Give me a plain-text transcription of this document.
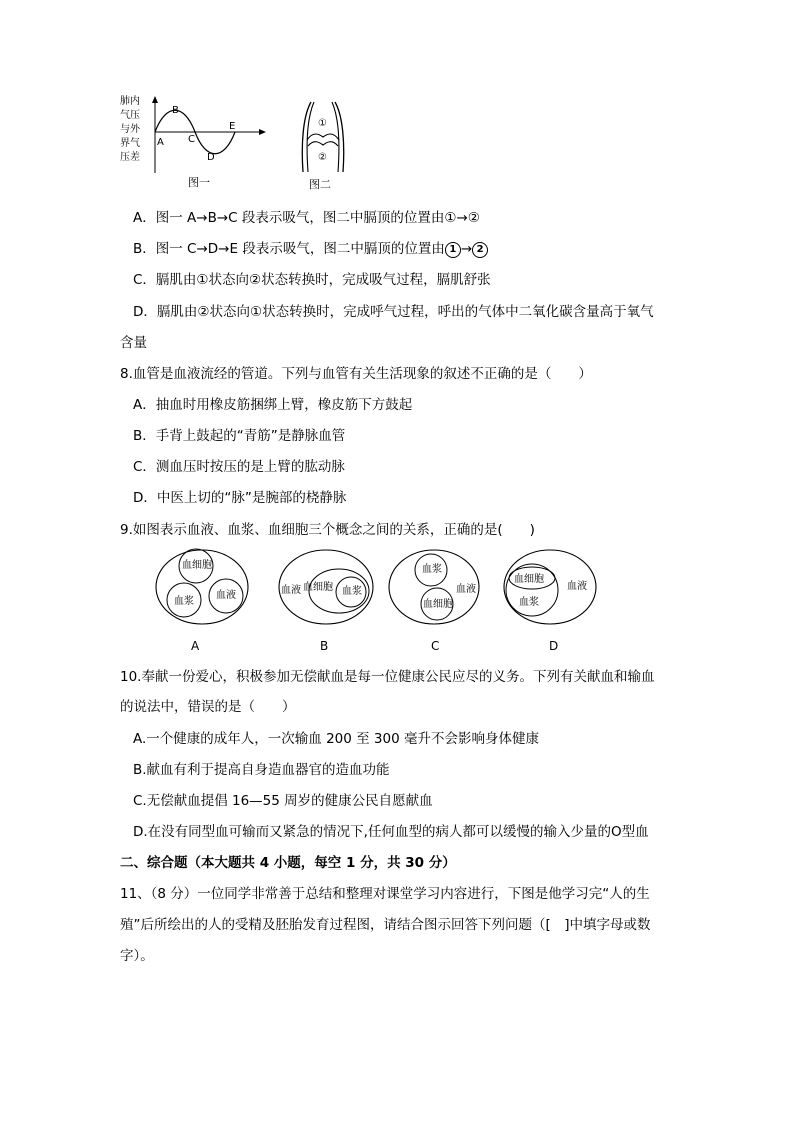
肺内
气压
与外
界气
压差
A
B
C
D
E
图一
①
②
图二
A．图一 A→B→C 段表示吸气，图二中膈顶的位置由①→②
B．图一 C→D→E 段表示吸气，图二中膈顶的位置由 1 → 2
C．膈肌由①状态向②状态转换时，完成吸气过程，膈肌舒张
D．膈肌由②状态向①状态转换时，完成呼气过程，呼出的气体中二氧化碳含量高于氧气
含量
8.血管是血液流经的管道。下列与血管有关生活现象的叙述不正确的是（　　）
A．抽血时用橡皮筋捆绑上臂，橡皮筋下方鼓起
B．手背上鼓起的“青筋”是静脉血管
C．测血压时按压的是上臂的肱动脉
D．中医上切的“脉”是腕部的桡静脉
9.如图表示血液、血浆、血细胞三个概念之间的关系，正确的是(　　)
血细胞
血浆
血液	血液 血细胞 血浆
血浆
血细胞
血液
血细胞
血浆
血液
A	B	C	D
10.奉献一份爱心，积极参加无偿献血是每一位健康公民应尽的义务。下列有关献血和输血
的说法中，错误的是（　　）
A.一个健康的成年人，一次输血 200 至 300 毫升不会影响身体健康
B.献血有利于提高自身造血器官的造血功能
C.无偿献血提倡 16—55 周岁的健康公民自愿献血
D.在没有同型血可输而又紧急的情况下,任何血型的病人都可以缓慢的输入少量的O型血
二、综合题（本大题共 4 小题，每空 1 分，共 30 分）
11、（8 分）一位同学非常善于总结和整理对课堂学习内容进行，下图是他学习完“人的生
殖”后所绘出的人的受精及胚胎发育过程图，请结合图示回答下列问题（[　]中填字母或数
字）。
